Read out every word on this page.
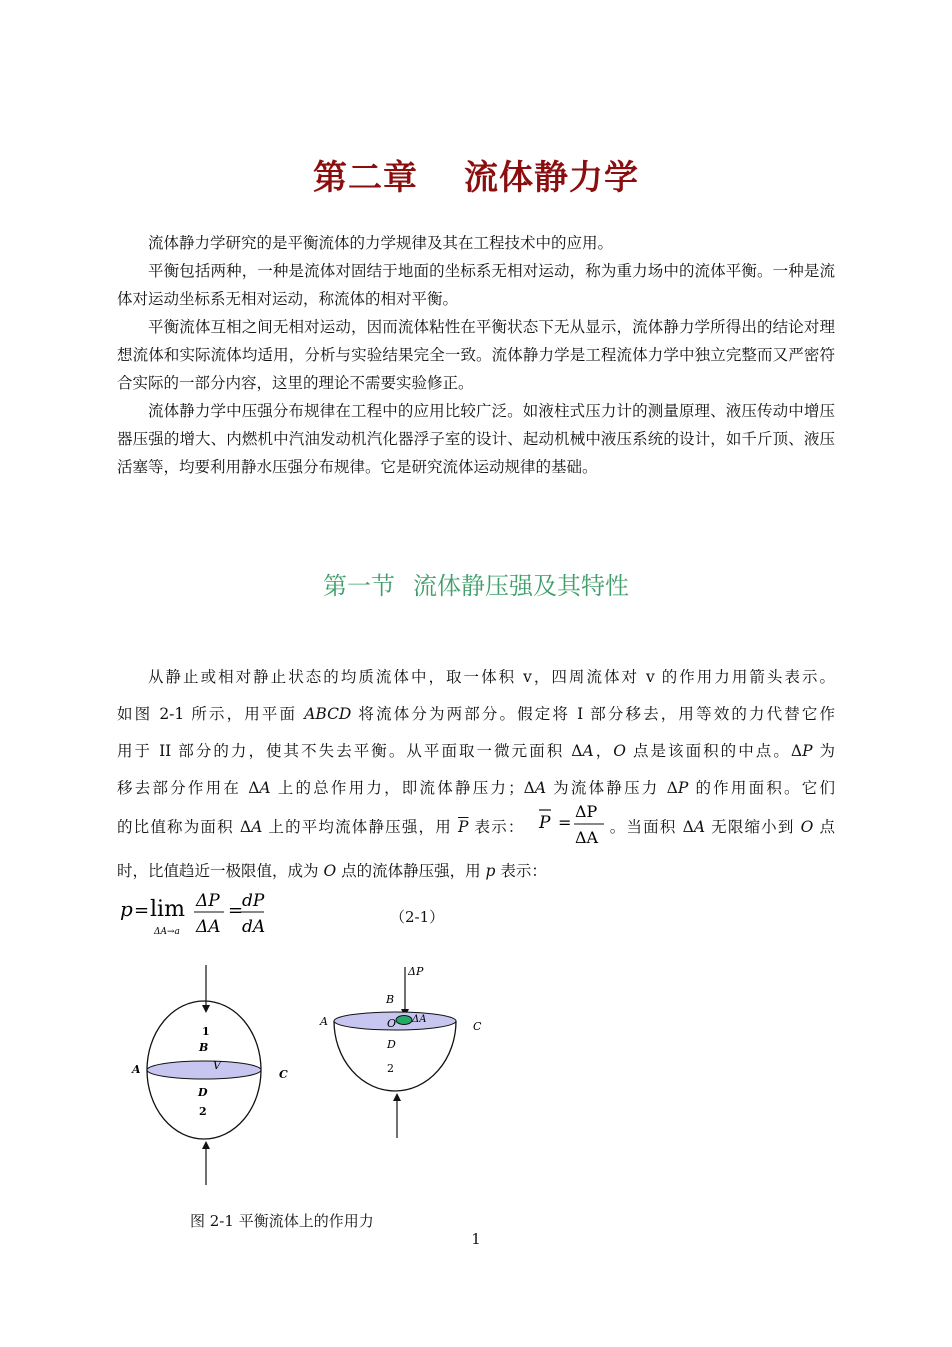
第二章 流体静力学

流体静力学研究的是平衡流体的力学规律及其在工程技术中的应用。

平衡包括两种，一种是流体对固结于地面的坐标系无相对运动，称为重力场中的流体平衡。一种是流体对运动坐标系无相对运动，称流体的相对平衡。

平衡流体互相之间无相对运动，因而流体粘性在平衡状态下无从显示，流体静力学所得出的结论对理想流体和实际流体均适用，分析与实验结果完全一致。流体静力学是工程流体力学中独立完整而又严密符合实际的一部分内容，这里的理论不需要实验修正。

流体静力学中压强分布规律在工程中的应用比较广泛。如液柱式压力计的测量原理、液压传动中增压器压强的增大、内燃机中汽油发动机汽化器浮子室的设计、起动机械中液压系统的设计，如千斤顶、液压活塞等，均要利用静水压强分布规律。它是研究流体运动规律的基础。

第一节 流体静压强及其特性
从静止或相对静止状态的均质流体中，取一体积 v，四周流体对 v 的作用力用箭头表示。
如图 2-1 所示，用平面 ABCD 将流体分为两部分。假定将 I 部分移去，用等效的力代替它作
用于 II 部分的力，使其不失去平衡。从平面取一微元面积 ΔA，O 点是该面积的中点。ΔP 为
移去部分作用在 ΔA 上的总作用力，即流体静压力；ΔA 为流体静压力 ΔP 的作用面积。它们
的比值称为面积 ΔA 上的平均流体静压强，用 $\overline{P}$ 表示：	。当面积 ΔA 无限缩小到 O 点
时，比值趋近一极限值，成为 O 点的流体静压强，用 p 表示：
P =
ΔP
ΔA
p = lim
ΔA→a
ΔP
ΔA
=
dP
dA	（2-1）
1
B
V
A	C
D
2
ΔP
B
A	O ΔA
C
D
2
图 2-1 平衡流体上的作用力
1
